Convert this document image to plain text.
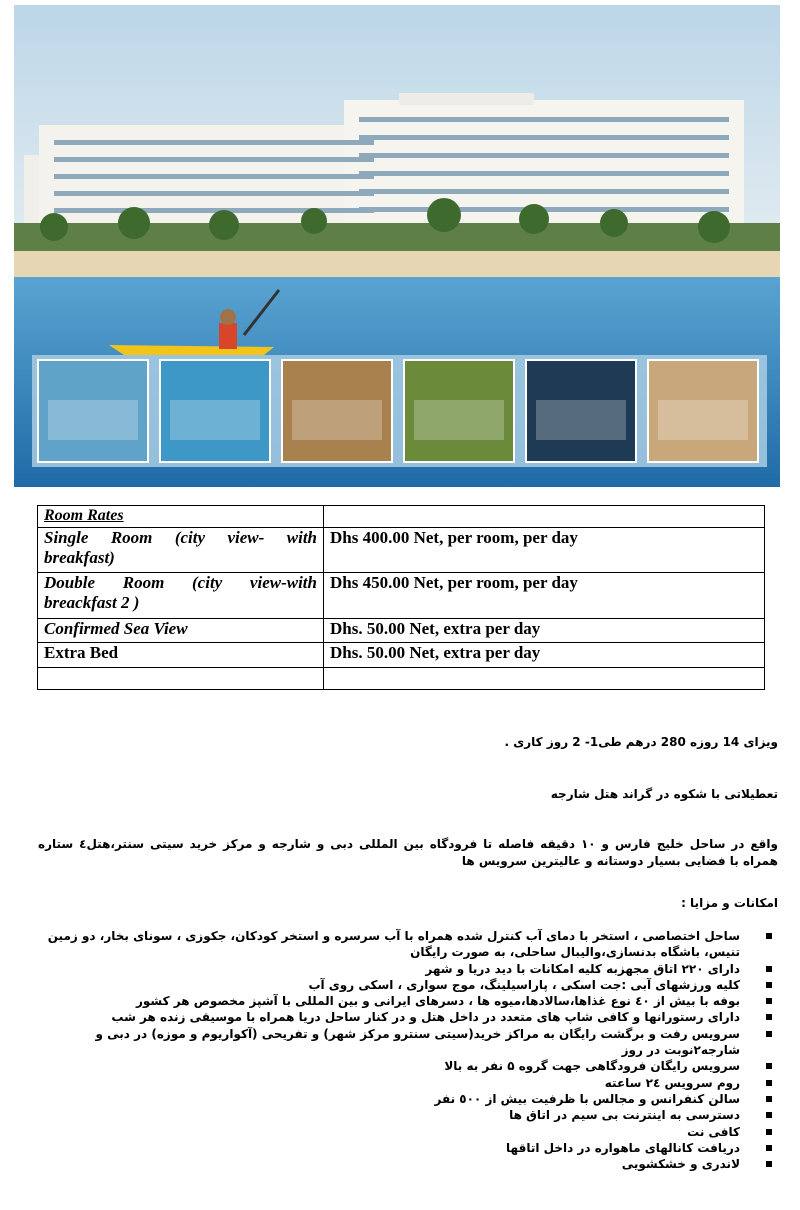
Room Rates	
Single Room (city view- with breakfast)	Dhs 400.00 Net, per room, per day
Double Room (city view-with breackfast 2 )	Dhs 450.00 Net, per room, per day
Confirmed Sea View	Dhs. 50.00 Net, extra per day
Extra Bed	Dhs. 50.00 Net, extra per day

ویزای 14 روزه 280 درهم طی1- 2 روز کاری .
تعطیلاتی با شکوه در گراند هتل شارجه
واقع در ساحل خلیج فارس و ۱۰ دقیقه فاصله تا فرودگاه بین المللی دبی و شارجه و مرکز خرید سیتی سنتر،هتل٤ ستاره همراه با فضایی بسیار دوستانه و عالیترین سرویس ها
امکانات و مزایا :
ساحل اختصاصی ، استخر با دمای آب کنترل شده همراه با آب سرسره و استخر کودکان، جکوزی ، سونای بخار، دو زمین تنیس، باشگاه بدنسازی،والیبال ساحلی، به صورت رایگان
دارای ۲۲۰ اتاق مجهزبه کلیه امکانات با دید دریا و شهر
کلیه ورزشهای آبی :جت اسکی ، پاراسیلینگ، موج سواری ، اسکی روی آب
بوفه با بیش از ٤٠ نوع غذاها،سالادها،میوه ها ، دسرهای ایرانی و بین المللی با آشپز مخصوص هر کشور
دارای رستورانها و کافی شاپ های متعدد در داخل هتل و در کنار ساحل دریا همراه با موسیقی زنده هر شب
سرویس رفت و برگشت رایگان به مراکز خرید(سیتی سنترو مرکز شهر) و تفریحی (آکواریوم و موزه) در دبی و شارجه۲نوبت در روز
سرویس رایگان فرودگاهی جهت گروه ۵ نفر به بالا
روم سرویس ۲٤ ساعته
سالن کنفرانس و مجالس با ظرفیت بیش از ٥٠٠ نفر
دسترسی به اینترنت بی سیم در اتاق ها
کافی نت
دریافت کانالهای ماهواره در داخل اتاقها
لاندری و خشکشویی
